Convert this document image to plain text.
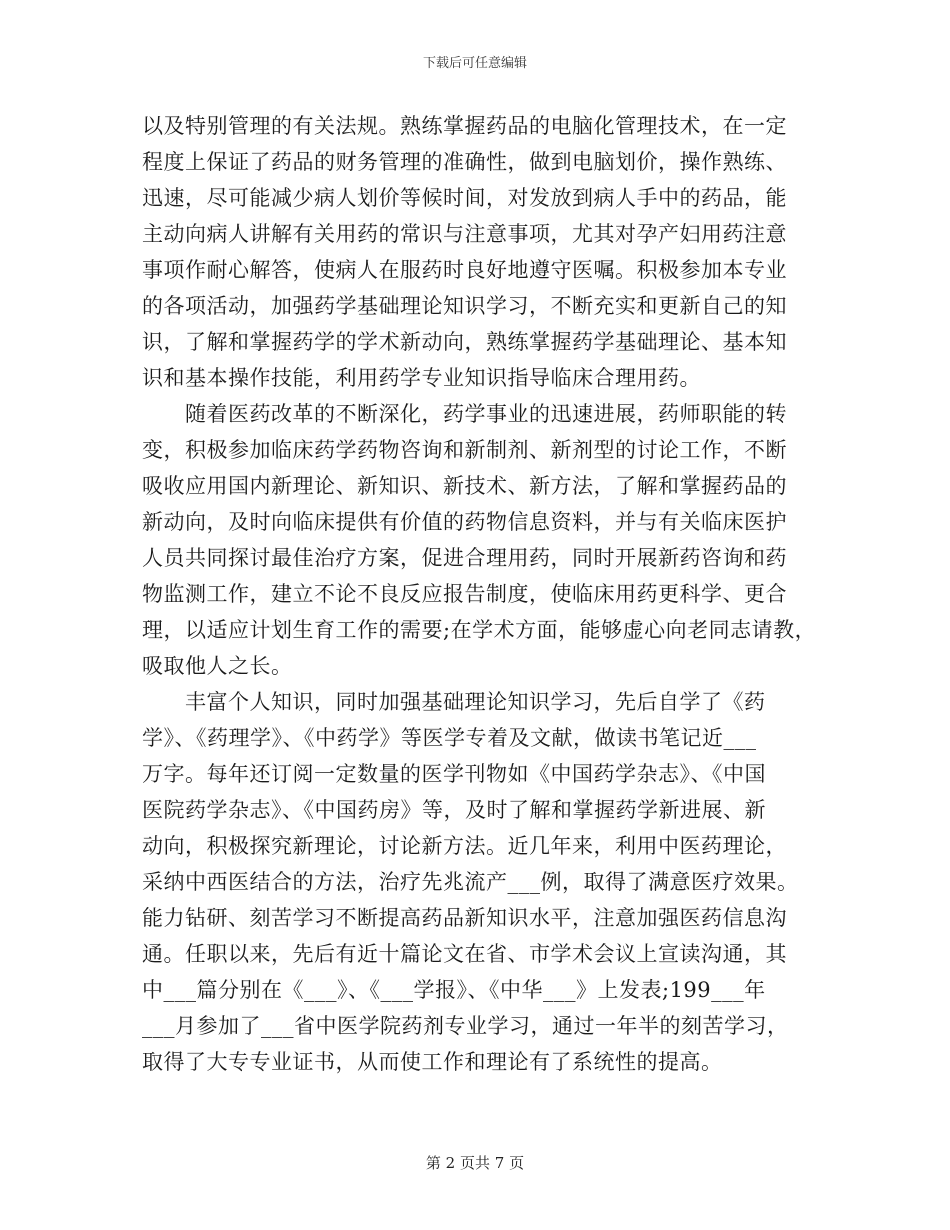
下载后可任意编辑
以及特别管理的有关法规。熟练掌握药品的电脑化管理技术，在一定
程度上保证了药品的财务管理的准确性，做到电脑划价，操作熟练、
迅速，尽可能减少病人划价等候时间，对发放到病人手中的药品，能
主动向病人讲解有关用药的常识与注意事项，尤其对孕产妇用药注意
事项作耐心解答，使病人在服药时良好地遵守医嘱。积极参加本专业
的各项活动，加强药学基础理论知识学习，不断充实和更新自己的知
识，了解和掌握药学的学术新动向，熟练掌握药学基础理论、基本知
识和基本操作技能，利用药学专业知识指导临床合理用药。
　　随着医药改革的不断深化，药学事业的迅速进展，药师职能的转
变，积极参加临床药学药物咨询和新制剂、新剂型的讨论工作，不断
吸收应用国内新理论、新知识、新技术、新方法，了解和掌握药品的
新动向，及时向临床提供有价值的药物信息资料，并与有关临床医护
人员共同探讨最佳治疗方案，促进合理用药，同时开展新药咨询和药
物监测工作，建立不论不良反应报告制度，使临床用药更科学、更合
理，以适应计划生育工作的需要;在学术方面，能够虚心向老同志请教，
吸取他人之长。
　　丰富个人知识，同时加强基础理论知识学习，先后自学了《药
学》、《药理学》、《中药学》等医学专着及文献，做读书笔记近___
万字。每年还订阅一定数量的医学刊物如《中国药学杂志》、《中国
医院药学杂志》、《中国药房》等，及时了解和掌握药学新进展、新
动向，积极探究新理论，讨论新方法。近几年来，利用中医药理论，
采纳中西医结合的方法，治疗先兆流产___例，取得了满意医疗效果。
能力钻研、刻苦学习不断提高药品新知识水平，注意加强医药信息沟
通。任职以来，先后有近十篇论文在省、市学术会议上宣读沟通，其
中___篇分别在《___》、《___学报》、《中华___》上发表;199___年
___月参加了___省中医学院药剂专业学习，通过一年半的刻苦学习，
取得了大专专业证书，从而使工作和理论有了系统性的提高。
第 2 页共 7 页
